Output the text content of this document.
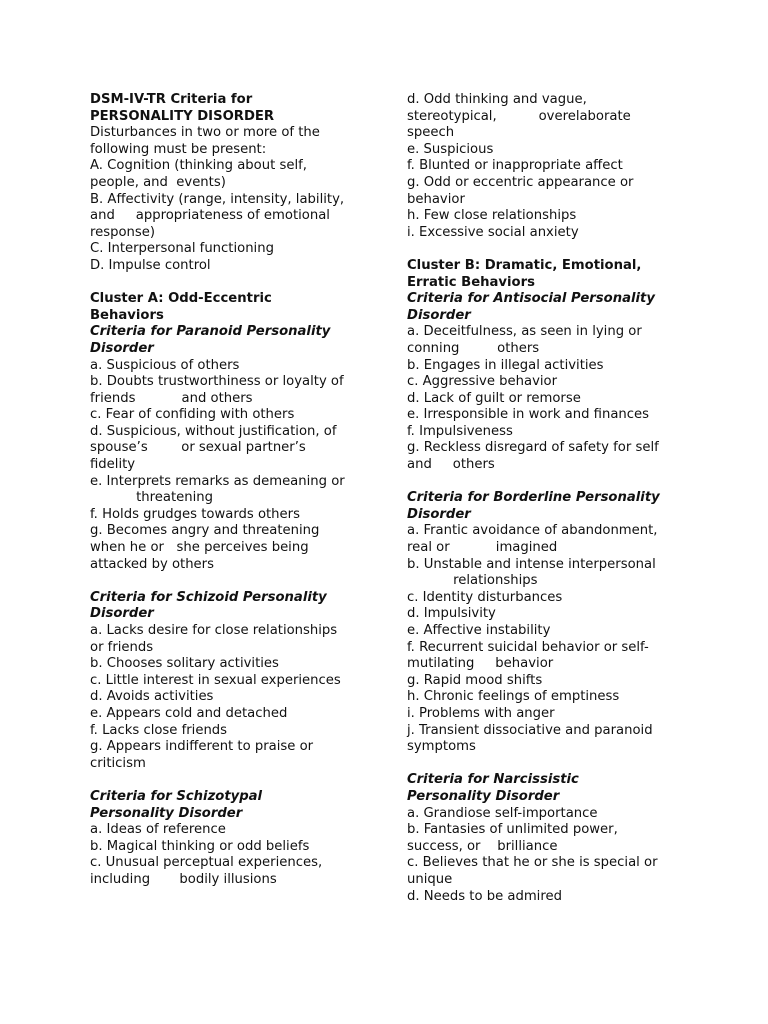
DSM-IV-TR Criteria for
PERSONALITY DISORDER
Disturbances in two or more of the
following must be present:
A. Cognition (thinking about self,
people, and  events)
B. Affectivity (range, intensity, lability,
and     appropriateness of emotional
response)
C. Interpersonal functioning
D. Impulse control
Cluster A: Odd-Eccentric
Behaviors
Criteria for Paranoid Personality
Disorder
a. Suspicious of others
b. Doubts trustworthiness or loyalty of
friends           and others
c. Fear of confiding with others
d. Suspicious, without justification, of
spouse’s        or sexual partner’s
fidelity
e. Interprets remarks as demeaning or
threatening
f. Holds grudges towards others
g. Becomes angry and threatening
when he or   she perceives being
attacked by others
Criteria for Schizoid Personality
Disorder
a. Lacks desire for close relationships
or friends
b. Chooses solitary activities
c. Little interest in sexual experiences
d. Avoids activities
e. Appears cold and detached
f. Lacks close friends
g. Appears indifferent to praise or
criticism
Criteria for Schizotypal
Personality Disorder
a. Ideas of reference
b. Magical thinking or odd beliefs
c. Unusual perceptual experiences,
including       bodily illusions
d. Odd thinking and vague,
stereotypical,          overelaborate
speech
e. Suspicious
f. Blunted or inappropriate affect
g. Odd or eccentric appearance or
behavior
h. Few close relationships
i. Excessive social anxiety
Cluster B: Dramatic, Emotional,
Erratic Behaviors
Criteria for Antisocial Personality
Disorder
a. Deceitfulness, as seen in lying or
conning         others
b. Engages in illegal activities
c. Aggressive behavior
d. Lack of guilt or remorse
e. Irresponsible in work and finances
f. Impulsiveness
g. Reckless disregard of safety for self
and     others
Criteria for Borderline Personality
Disorder
a. Frantic avoidance of abandonment,
real or           imagined
b. Unstable and intense interpersonal
relationships
c. Identity disturbances
d. Impulsivity
e. Affective instability
f. Recurrent suicidal behavior or self-
mutilating     behavior
g. Rapid mood shifts
h. Chronic feelings of emptiness
i. Problems with anger
j. Transient dissociative and paranoid
symptoms
Criteria for Narcissistic
Personality Disorder
a. Grandiose self-importance
b. Fantasies of unlimited power,
success, or    brilliance
c. Believes that he or she is special or
unique
d. Needs to be admired
